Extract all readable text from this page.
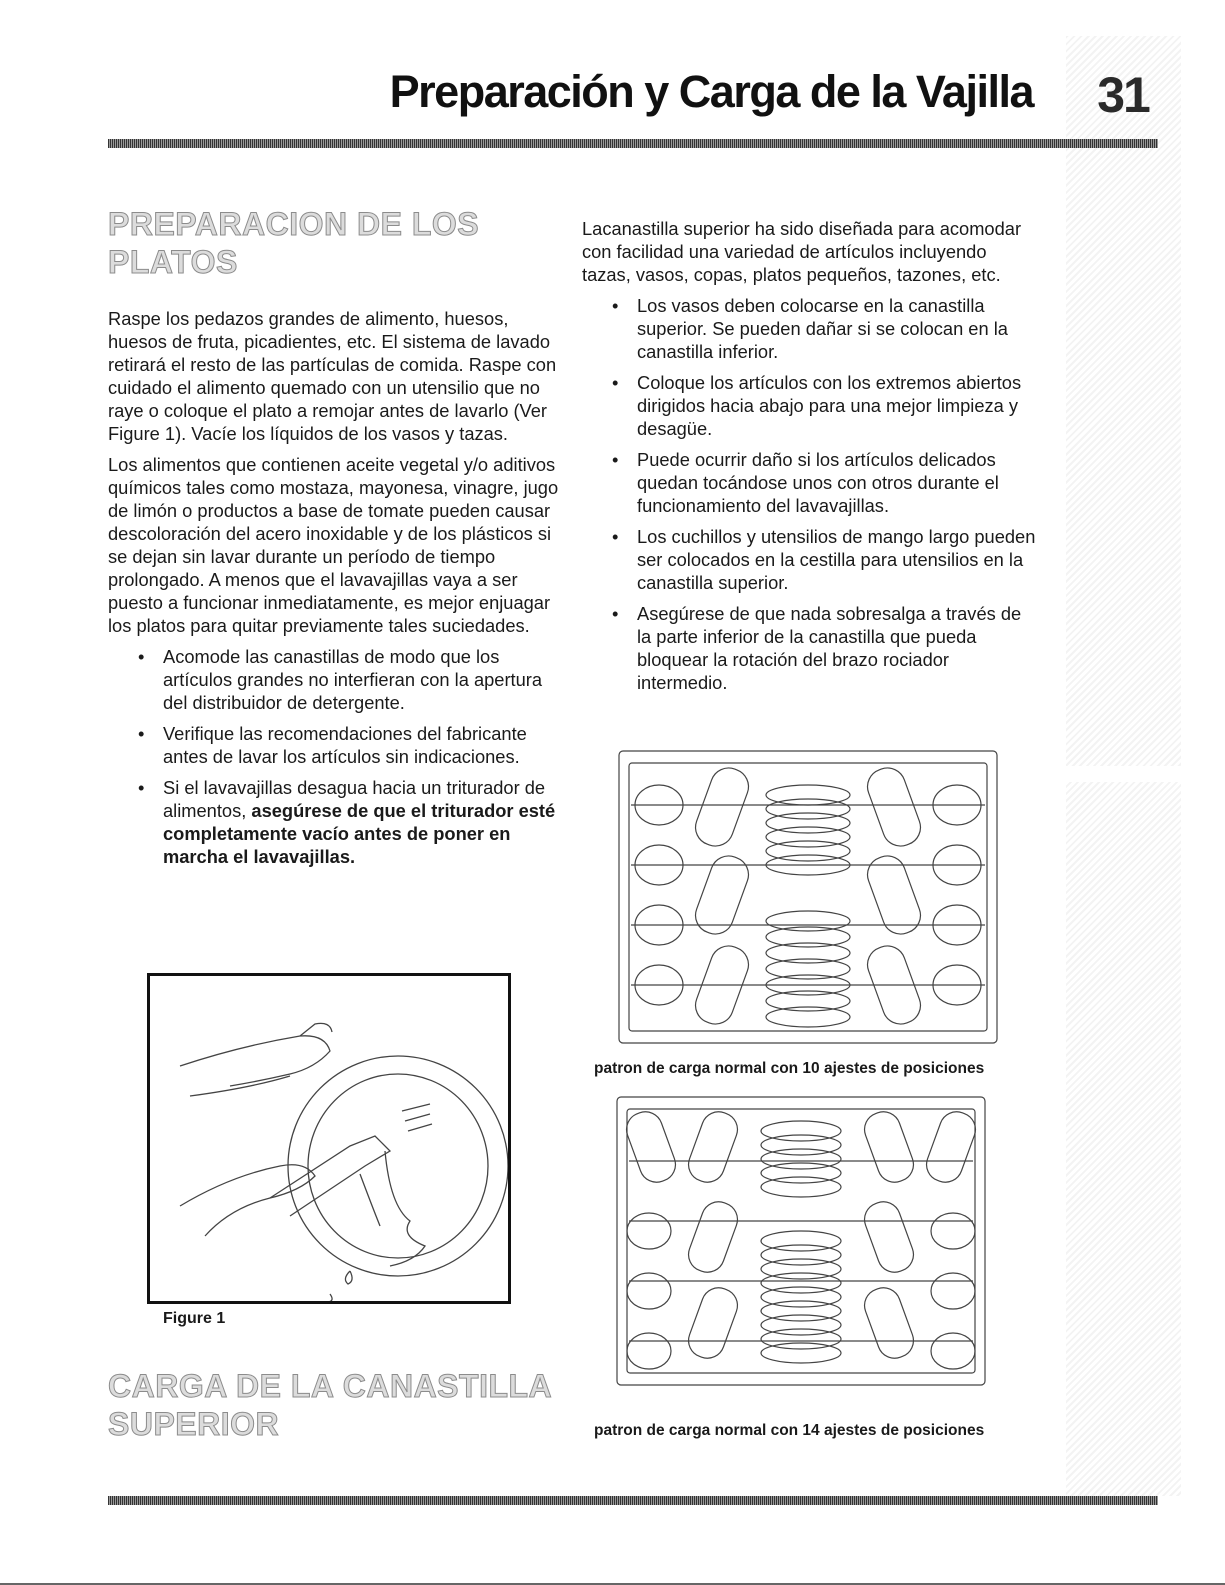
31
Preparación y Carga de la Vajilla
PREPARACION DE LOS PLATOS

Raspe los pedazos grandes de alimento, huesos, huesos de fruta, picadientes, etc. El sistema de lavado retirará el resto de las partículas de comida. Raspe con cuidado el alimento quemado con un utensilio que no raye o coloque el plato a remojar antes de lavarlo (Ver Figure 1). Vacíe los líquidos de los vasos y tazas.

Los alimentos que contienen aceite vegetal y/o aditivos químicos tales como mostaza, mayonesa, vinagre, jugo de limón o productos a base de tomate pueden causar descoloración del acero inoxidable y de los plásticos si se dejan sin lavar durante un período de tiempo prolongado. A menos que el lavavajillas vaya a ser puesto a funcionar inmediatamente, es mejor enjuagar los platos para quitar previamente tales suciedades.

• Acomode las canastillas de modo que los artículos grandes no interfieran con la apertura del distribuidor de detergente.
• Verifique las recomendaciones del fabricante antes de lavar los artículos sin indicaciones.
• Si el lavavajillas desagua hacia un triturador de alimentos, asegúrese de que el triturador esté completamente vacío antes de poner en marcha el lavavajillas.
Figure 1
CARGA DE LA CANASTILLA SUPERIOR

Lacanastilla superior ha sido diseñada para acomodar con facilidad una variedad de artículos incluyendo tazas, vasos, copas, platos pequeños, tazones, etc.

• Los vasos deben colocarse en la canastilla superior. Se pueden dañar si se colocan en la canastilla inferior.
• Coloque los artículos con los extremos abiertos dirigidos hacia abajo para una mejor limpieza y desagüe.
• Puede ocurrir daño si los artículos delicados quedan tocándose unos con otros durante el funcionamiento del lavavajillas.
• Los cuchillos y utensilios de mango largo pueden ser colocados en la cestilla para utensilios en la canastilla superior.
• Asegúrese de que nada sobresalga a través de la parte inferior de la canastilla que pueda bloquear la rotación del brazo rociador intermedio.
patron de carga normal con 10 ajestes de posiciones
patron de carga normal con 14 ajestes de posiciones
